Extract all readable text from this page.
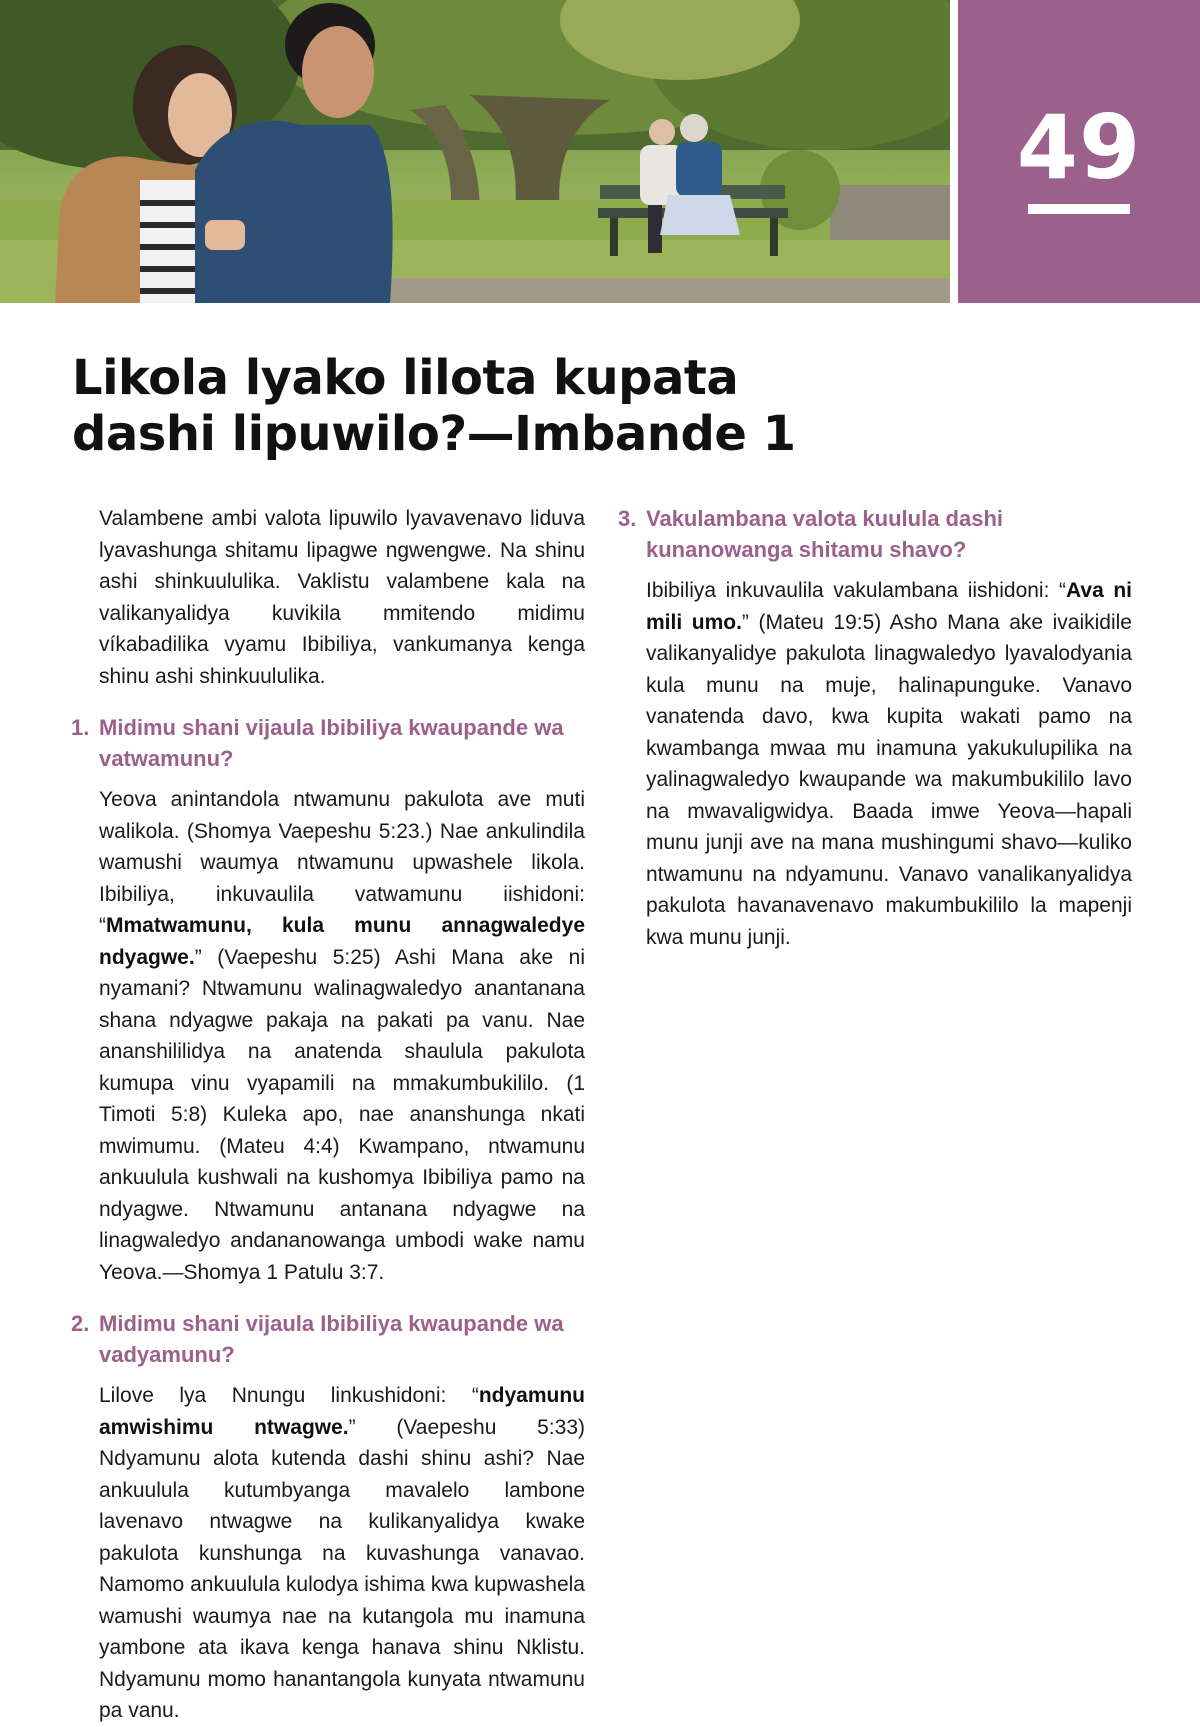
49
Likola lyako lilota kupata
dashi lipuwilo?—Imbande 1

Valambene ambi valota lipuwilo lyavavenavo liduva lyavashunga shitamu lipagwe ngwengwe. Na shinu ashi shinkuululika. Vaklistu valambene kala na valikanyalidya kuvikila mmitendo midimu víkabadilika vyamu Ibibiliya, vankumanya kenga shinu ashi shinkuululika.

1. Midimu shani vijaula Ibibiliya kwaupande wa vatwamunu?

Yeova anintandola ntwamunu pakulota ave muti walikola. (Shomya Vaepeshu 5:23.) Nae ankulindila wamushi waumya ntwamunu upwashele likola. Ibibiliya, inkuvaulila vatwamunu iishidoni: “Mmatwamunu, kula munu annagwaledye ndyagwe.” (Vaepeshu 5:25) Ashi Mana ake ni nyamani? Ntwamunu walinagwaledyo anantanana shana ndyagwe pakaja na pakati pa vanu. Nae ananshililidya na anatenda shaulula pakulota kumupa vinu vyapamili na mmakumbukililo. (1 Timoti 5:8) Kuleka apo, nae ananshunga nkati mwimumu. (Mateu 4:4) Kwampano, ntwamunu ankuulula kushwali na kushomya Ibibiliya pamo na ndyagwe. Ntwamunu antanana ndyagwe na linagwaledyo andananowanga umbodi wake namu Yeova.—Shomya 1 Patulu 3:7.

2. Midimu shani vijaula Ibibiliya kwaupande wa vadyamunu?

Lilove lya Nnungu linkushidoni: “ndyamunu amwishimu ntwagwe.” (Vaepeshu 5:33) Ndyamunu alota kutenda dashi shinu ashi? Nae ankuulula kutumbyanga mavalelo lambone lavenavo ntwagwe na kulikanyalidya kwake pakulota kunshunga na kuvashunga vanavao. Namomo ankuulula kulodya ishima kwa kupwashela wamushi waumya nae na kutangola mu inamuna yambone ata ikava kenga hanava shinu Nklistu. Ndyamunu momo hanantangola kunyata ntwamunu pa vanu.

3. Vakulambana valota kuulula dashi kunanowanga shitamu shavo?

Ibibiliya inkuvaulila vakulambana iishidoni: “Ava ni mili umo.” (Mateu 19:5) Asho Mana ake ivaikidile valikanyalidye pakulota linagwaledyo lyavalodyania kula munu na muje, halinapunguke. Vanavo vanatenda davo, kwa kupita wakati pamo na kwambanga mwaa mu inamuna yakukulupilika na yalinagwaledyo kwaupande wa makumbukililo lavo na mwavaligwidya. Baada imwe Yeova—hapali munu junji ave na mana mushingumi shavo—kuliko ntwamunu na ndyamunu. Vanavo vanalikanyalidya pakulota havanavenavo makumbukililo la mapenji kwa munu junji.
